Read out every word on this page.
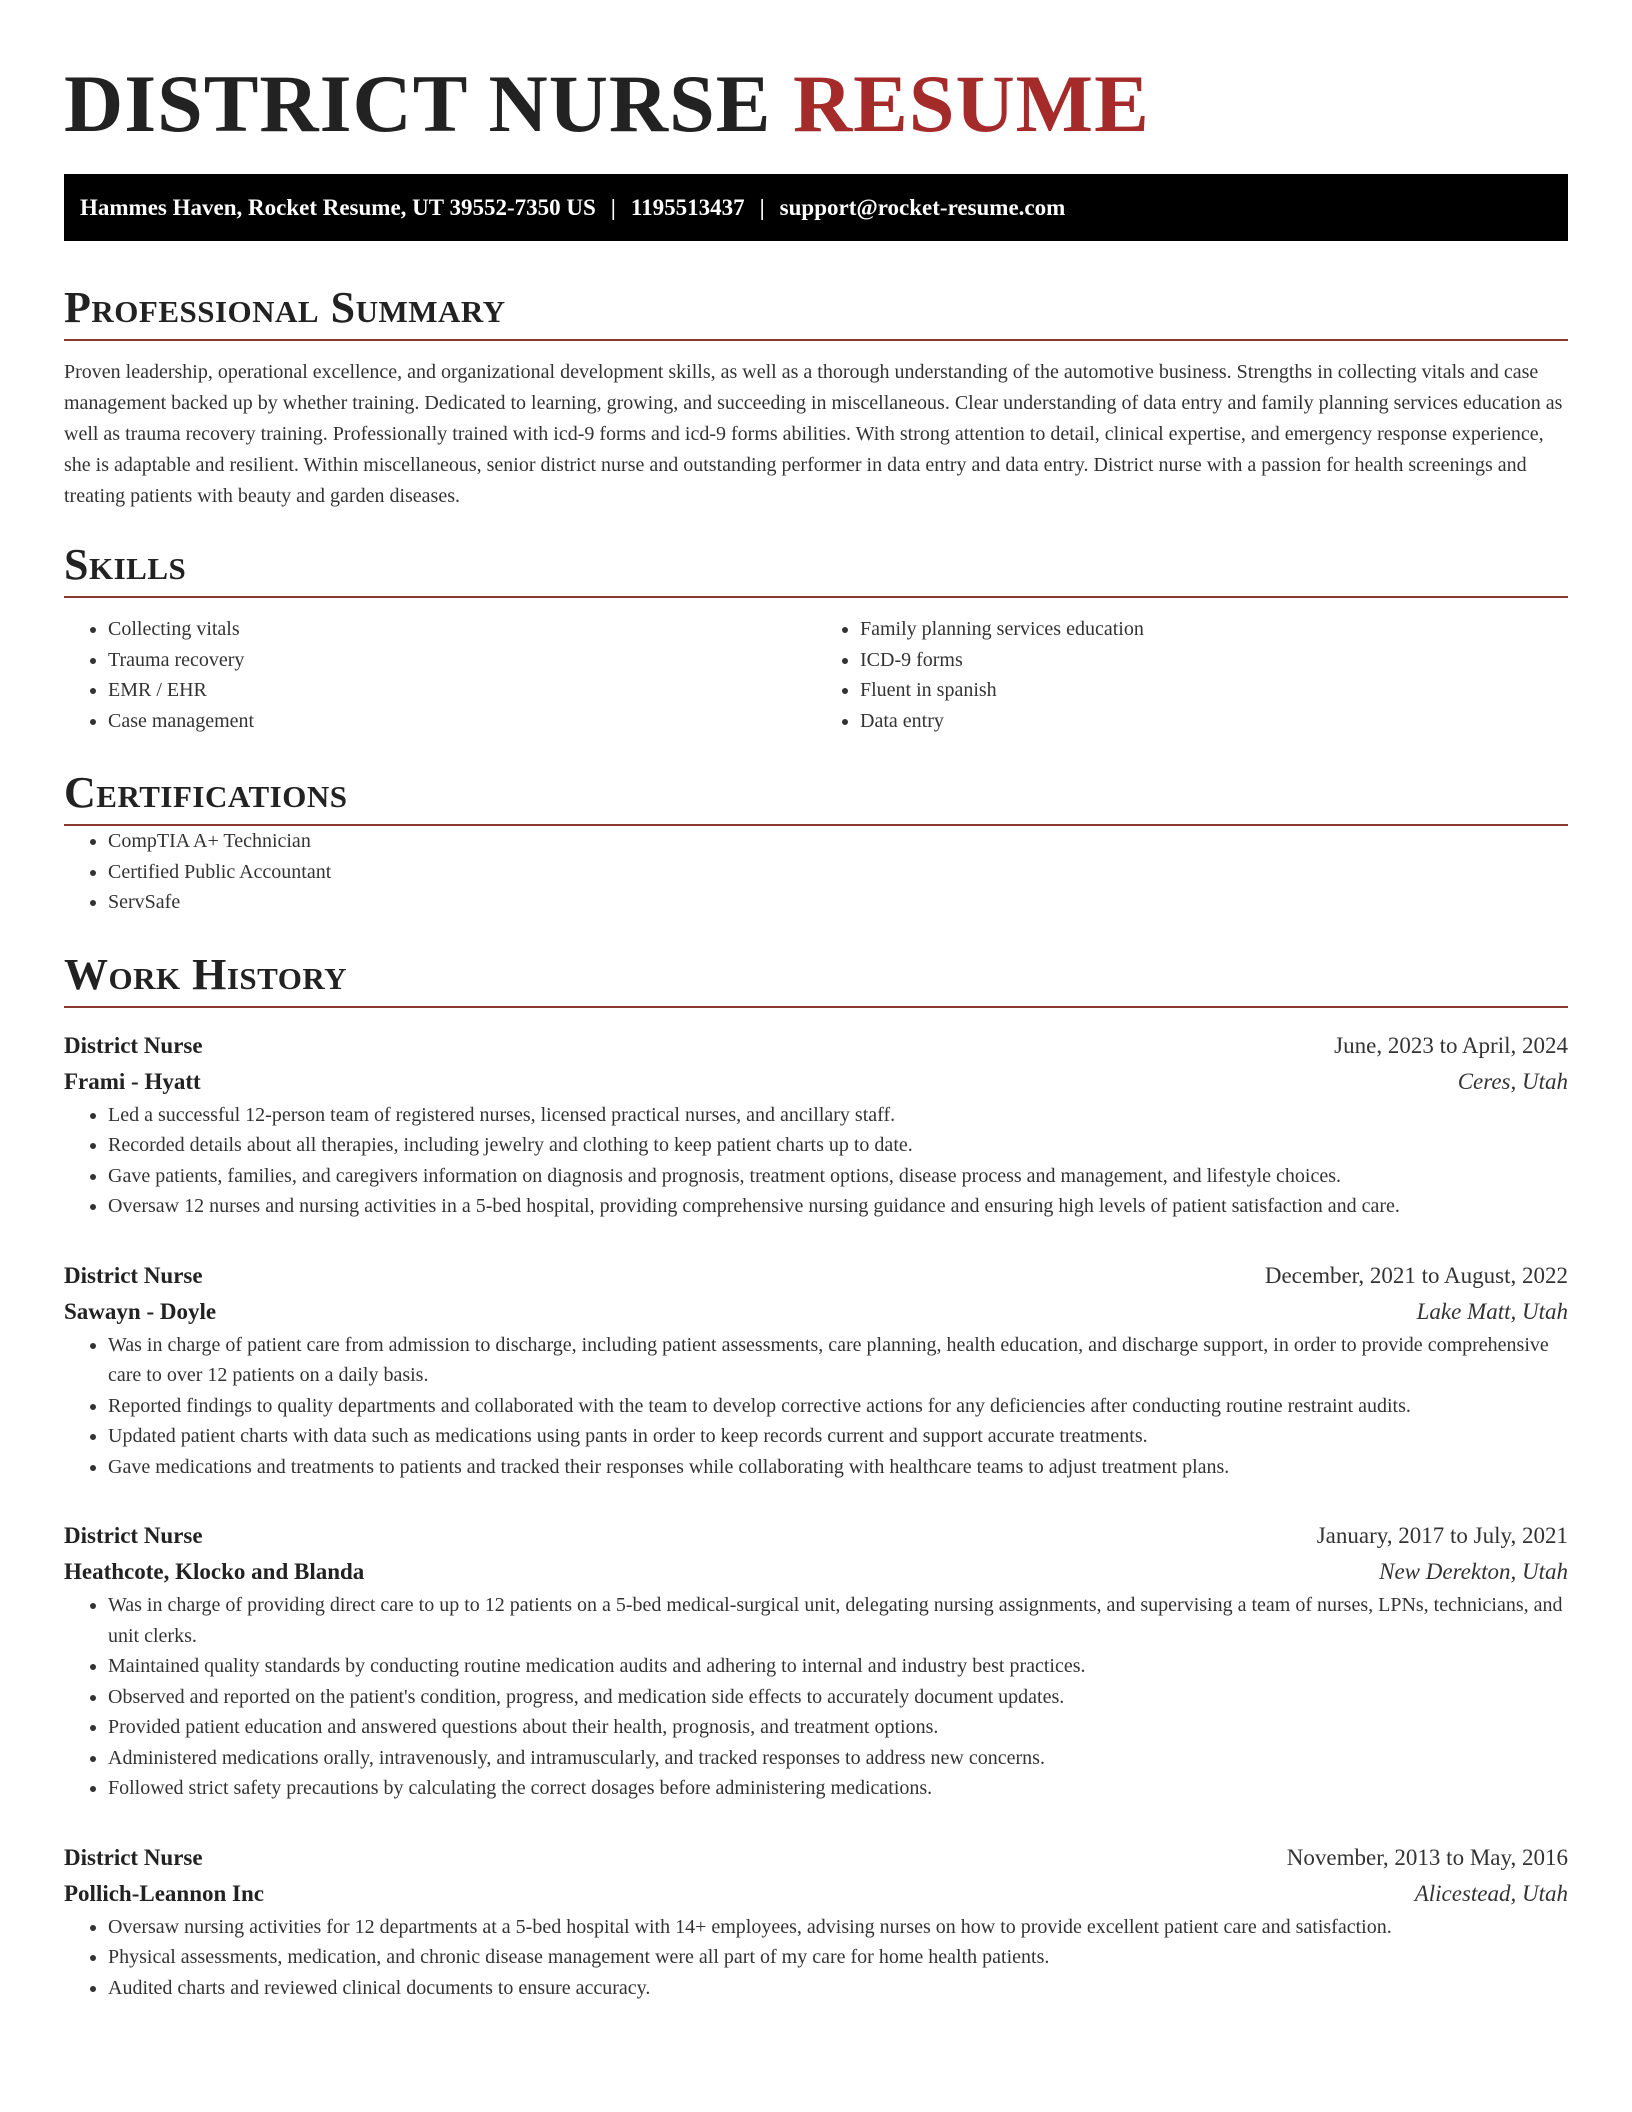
DISTRICT NURSE RESUME
Hammes Haven, Rocket Resume, UT 39552-7350 US | 1195513437 | support@rocket-resume.com
Professional Summary

Proven leadership, operational excellence, and organizational development skills, as well as a thorough understanding of the automotive business. Strengths in collecting vitals and case management backed up by whether training. Dedicated to learning, growing, and succeeding in miscellaneous. Clear understanding of data entry and family planning services education as well as trauma recovery training. Professionally trained with icd-9 forms and icd-9 forms abilities. With strong attention to detail, clinical expertise, and emergency response experience, she is adaptable and resilient. Within miscellaneous, senior district nurse and outstanding performer in data entry and data entry. District nurse with a passion for health screenings and treating patients with beauty and garden diseases.

Skills
• Collecting vitals
• Trauma recovery
• EMR / EHR
• Case management
• Family planning services education
• ICD-9 forms
• Fluent in spanish
• Data entry
Certifications
• CompTIA A+ Technician
• Certified Public Accountant
• ServSafe
Work History
District Nurse	June, 2023 to April, 2024
Frami - Hyatt	Ceres, Utah
• Led a successful 12-person team of registered nurses, licensed practical nurses, and ancillary staff.
• Recorded details about all therapies, including jewelry and clothing to keep patient charts up to date.
• Gave patients, families, and caregivers information on diagnosis and prognosis, treatment options, disease process and management, and lifestyle choices.
• Oversaw 12 nurses and nursing activities in a 5-bed hospital, providing comprehensive nursing guidance and ensuring high levels of patient satisfaction and care.
District Nurse	December, 2021 to August, 2022
Sawayn - Doyle	Lake Matt, Utah
• Was in charge of patient care from admission to discharge, including patient assessments, care planning, health education, and discharge support, in order to provide comprehensive care to over 12 patients on a daily basis.
• Reported findings to quality departments and collaborated with the team to develop corrective actions for any deficiencies after conducting routine restraint audits.
• Updated patient charts with data such as medications using pants in order to keep records current and support accurate treatments.
• Gave medications and treatments to patients and tracked their responses while collaborating with healthcare teams to adjust treatment plans.
District Nurse	January, 2017 to July, 2021
Heathcote, Klocko and Blanda	New Derekton, Utah
• Was in charge of providing direct care to up to 12 patients on a 5-bed medical-surgical unit, delegating nursing assignments, and supervising a team of nurses, LPNs, technicians, and unit clerks.
• Maintained quality standards by conducting routine medication audits and adhering to internal and industry best practices.
• Observed and reported on the patient's condition, progress, and medication side effects to accurately document updates.
• Provided patient education and answered questions about their health, prognosis, and treatment options.
• Administered medications orally, intravenously, and intramuscularly, and tracked responses to address new concerns.
• Followed strict safety precautions by calculating the correct dosages before administering medications.
District Nurse	November, 2013 to May, 2016
Pollich-Leannon Inc	Alicestead, Utah
• Oversaw nursing activities for 12 departments at a 5-bed hospital with 14+ employees, advising nurses on how to provide excellent patient care and satisfaction.
• Physical assessments, medication, and chronic disease management were all part of my care for home health patients.
• Audited charts and reviewed clinical documents to ensure accuracy.
